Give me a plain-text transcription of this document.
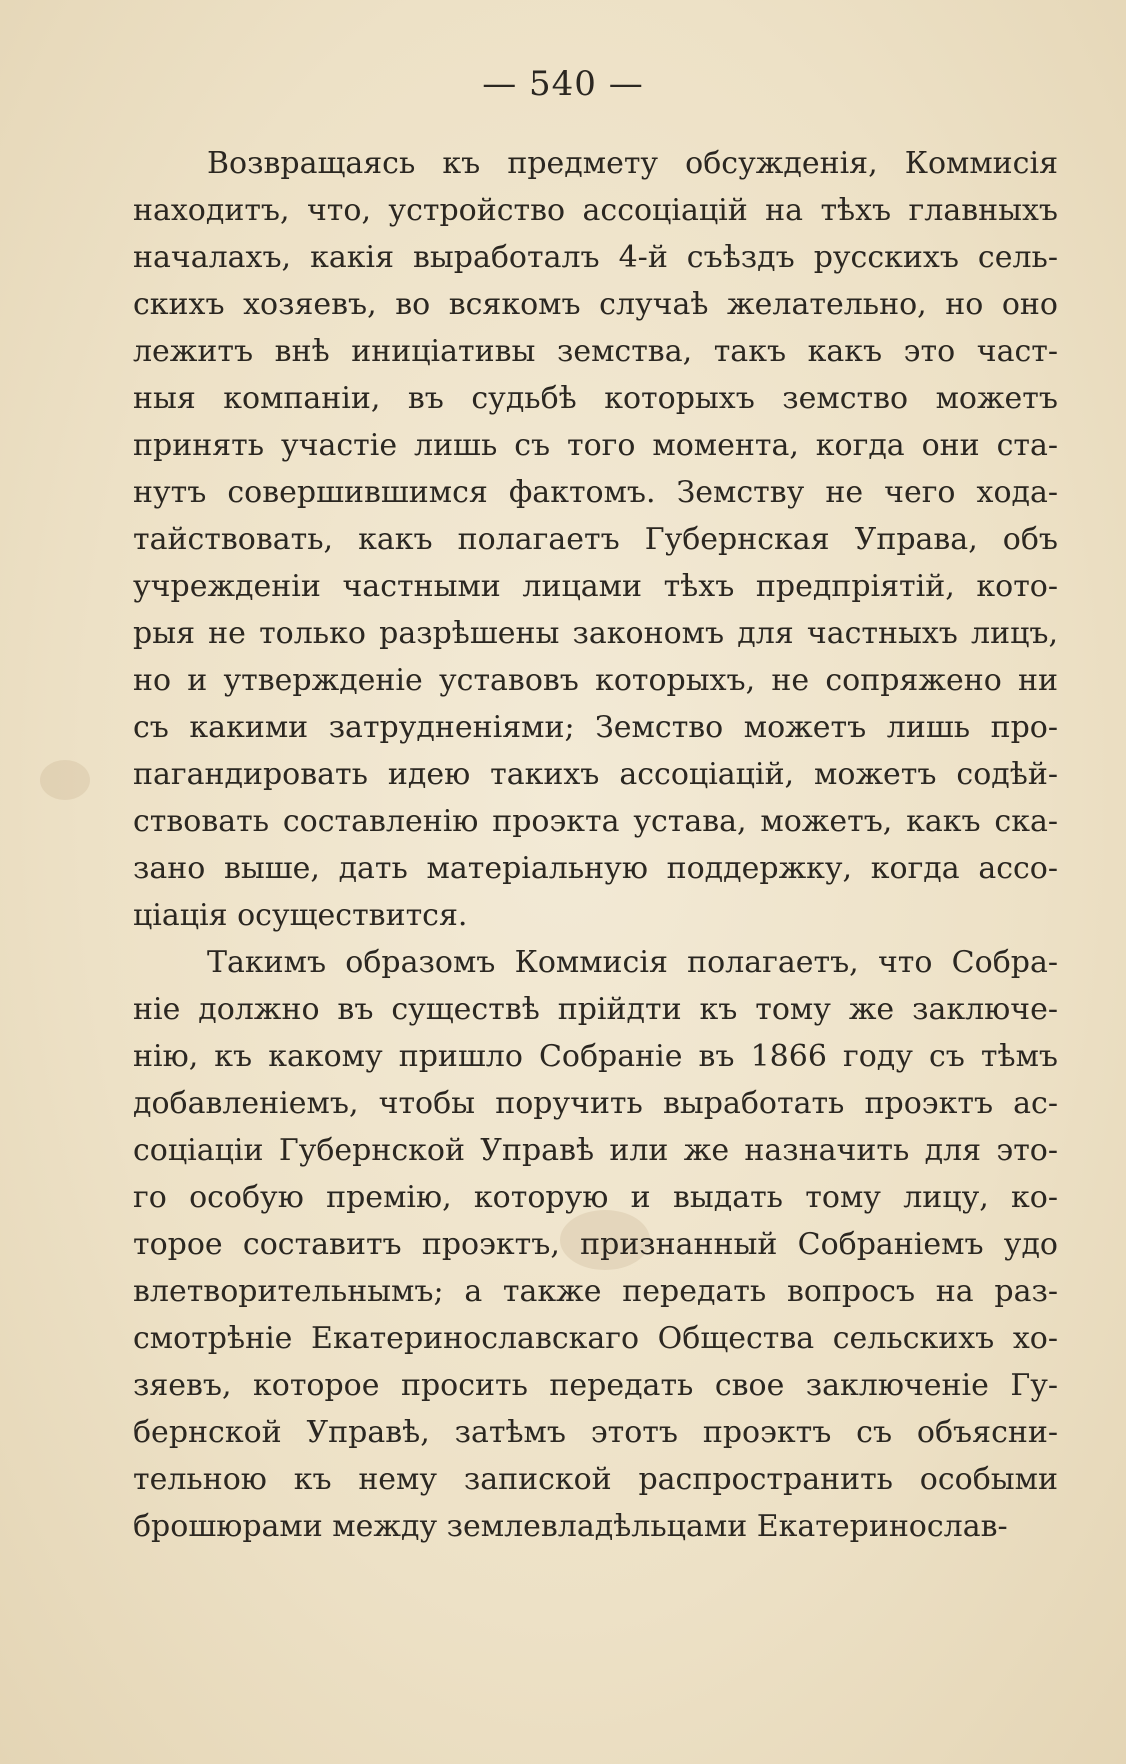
— 540 —
Возвращаясь къ предмету обсужденія, Коммисія
находитъ, что, устройство ассоціацій на тѣхъ главныхъ
началахъ, какія выработалъ 4-й съѣздъ русскихъ сель-
скихъ хозяевъ, во всякомъ случаѣ желательно, но оно
лежитъ внѣ иниціативы земства, такъ какъ это част-
ныя компаніи, въ судьбѣ которыхъ земство можетъ
принять участіе лишь съ того момента, когда они ста-
нутъ совершившимся фактомъ. Земству не чего хода-
тайствовать, какъ полагаетъ Губернская Управа, объ
учрежденіи частными лицами тѣхъ предпріятій, кото-
рыя не только разрѣшены закономъ для частныхъ лицъ,
но и утвержденіе уставовъ которыхъ, не сопряжено ни
съ какими затрудненіями; Земство можетъ лишь про-
пагандировать идею такихъ ассоціацій, можетъ содѣй-
ствовать составленію проэкта устава, можетъ, какъ ска-
зано выше, дать матеріальную поддержку, когда ассо-
ціація осуществится.
Такимъ образомъ Коммисія полагаетъ, что Собра-
ніе должно въ существѣ прійдти къ тому же заключе-
нію, къ какому пришло Собраніе въ 1866 году съ тѣмъ
добавленіемъ, чтобы поручить выработать проэктъ ас-
соціаціи Губернской Управѣ или же назначить для это-
го особую премію, которую и выдать тому лицу, ко-
торое составитъ проэктъ, признанный Собраніемъ удо
влетворительнымъ; а также передать вопросъ на раз-
смотрѣніе Екатеринославскаго Общества сельскихъ хо-
зяевъ, которое просить передать свое заключеніе Гу-
бернской Управѣ, затѣмъ этотъ проэктъ съ объясни-
тельною къ нему запиской распространить особыми
брошюрами между землевладѣльцами Екатеринослав-
